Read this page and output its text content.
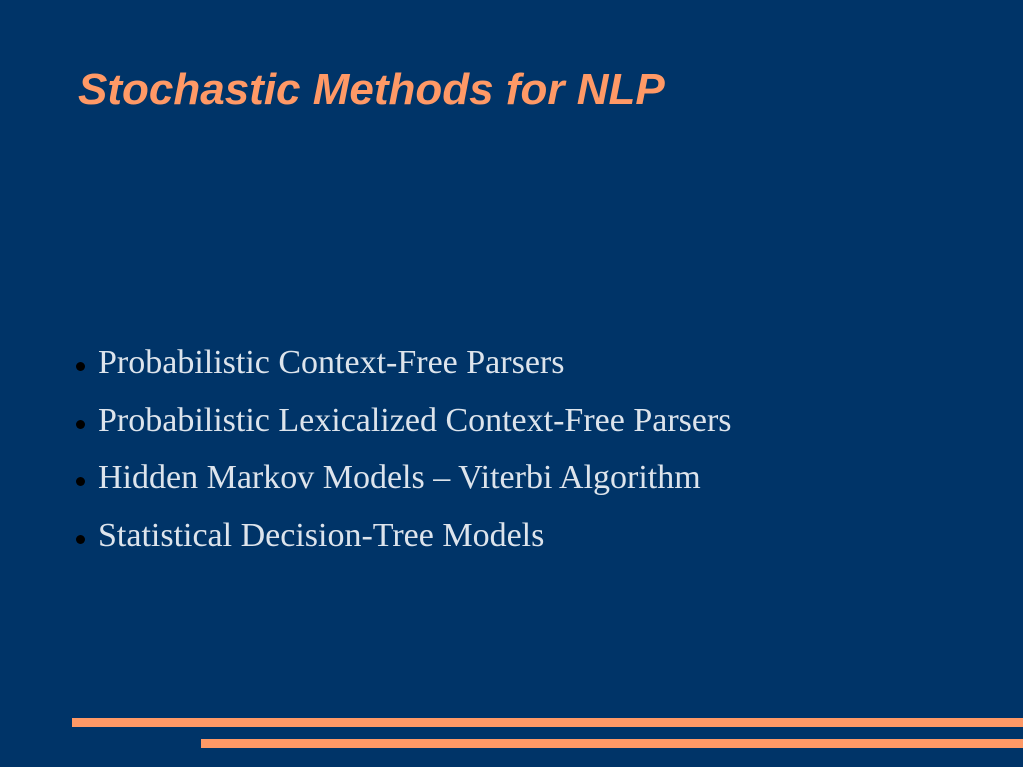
Stochastic Methods for NLP
Probabilistic Context-Free Parsers
Probabilistic Lexicalized Context-Free Parsers
Hidden Markov Models – Viterbi Algorithm
Statistical Decision-Tree Models
